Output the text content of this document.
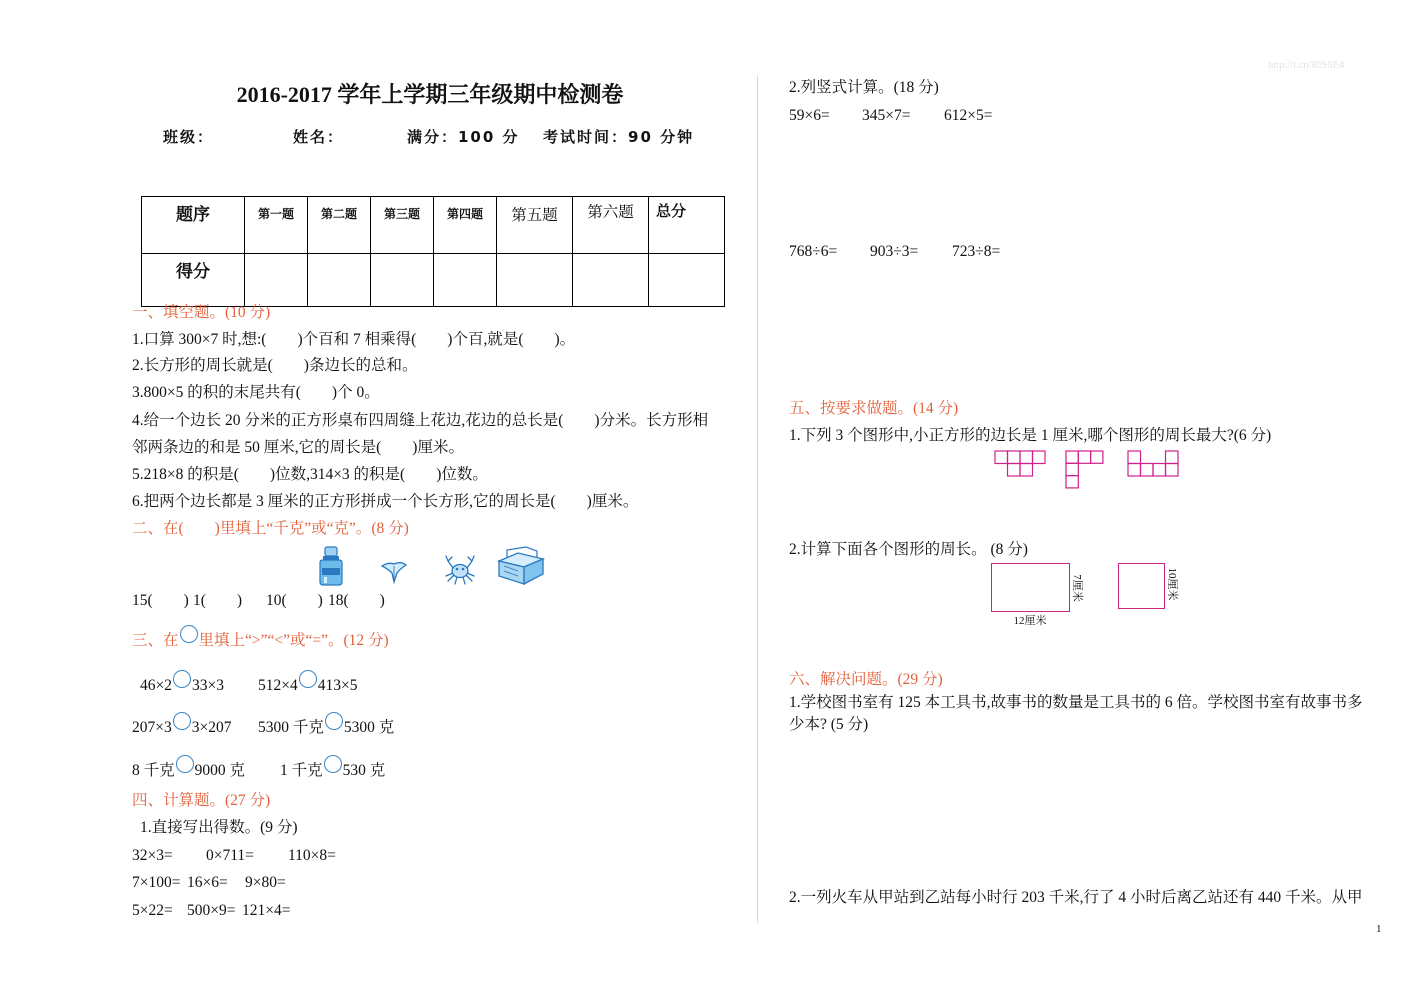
http://t.cn/RlS6E4
2016-2017 学年上学期三年级期中检测卷
班级：	姓名：	满分：100 分 考试时间：90 分钟
题序	第一题	第二题	第三题	第四题	第五题	第六题	总分
得分							
一、填空题。(10 分)
1.口算 300×7 时,想:(　　)个百和 7 相乘得(　　)个百,就是(　　)。
2.长方形的周长就是(　　)条边长的总和。
3.800×5 的积的末尾共有(　　)个 0。
4.给一个边长 20 分米的正方形桌布四周缝上花边,花边的总长是(　　)分米。长方形相
邻两条边的和是 50 厘米,它的周长是(　　)厘米。
5.218×8 的积是(　　)位数,314×3 的积是(　　)位数。
6.把两个边长都是 3 厘米的正方形拼成一个长方形,它的周长是(　　)厘米。
二、在(　　)里填上“千克”或“克”。(8 分)
15(　　) 1(　　) 10(　　) 18(　　)
三、在 里填上“>”“<”或“=”。(12 分)
46×2 33×3 512×4 413×5
207×3 3×207 5300 千克 5300 克
8 千克 9000 克 1 千克 530 克
四、计算题。(27 分)
1.直接写出得数。(9 分)
32×3= 0×711= 110×8=
7×100= 16×6= 9×80=
5×22= 500×9= 121×4=
2.列竖式计算。(18 分)
59×6= 345×7= 612×5=
768÷6= 903÷3= 723÷8=
五、按要求做题。(14 分)
1.下列 3 个图形中,小正方形的边长是 1 厘米,哪个图形的周长最大?(6 分)
2.计算下面各个图形的周长。 (8 分)
7厘米
12厘米
10厘米
六、解决问题。(29 分)
1.学校图书室有 125 本工具书,故事书的数量是工具书的 6 倍。学校图书室有故事书多
少本? (5 分)
2.一列火车从甲站到乙站每小时行 203 千米,行了 4 小时后离乙站还有 440 千米。从甲
1
